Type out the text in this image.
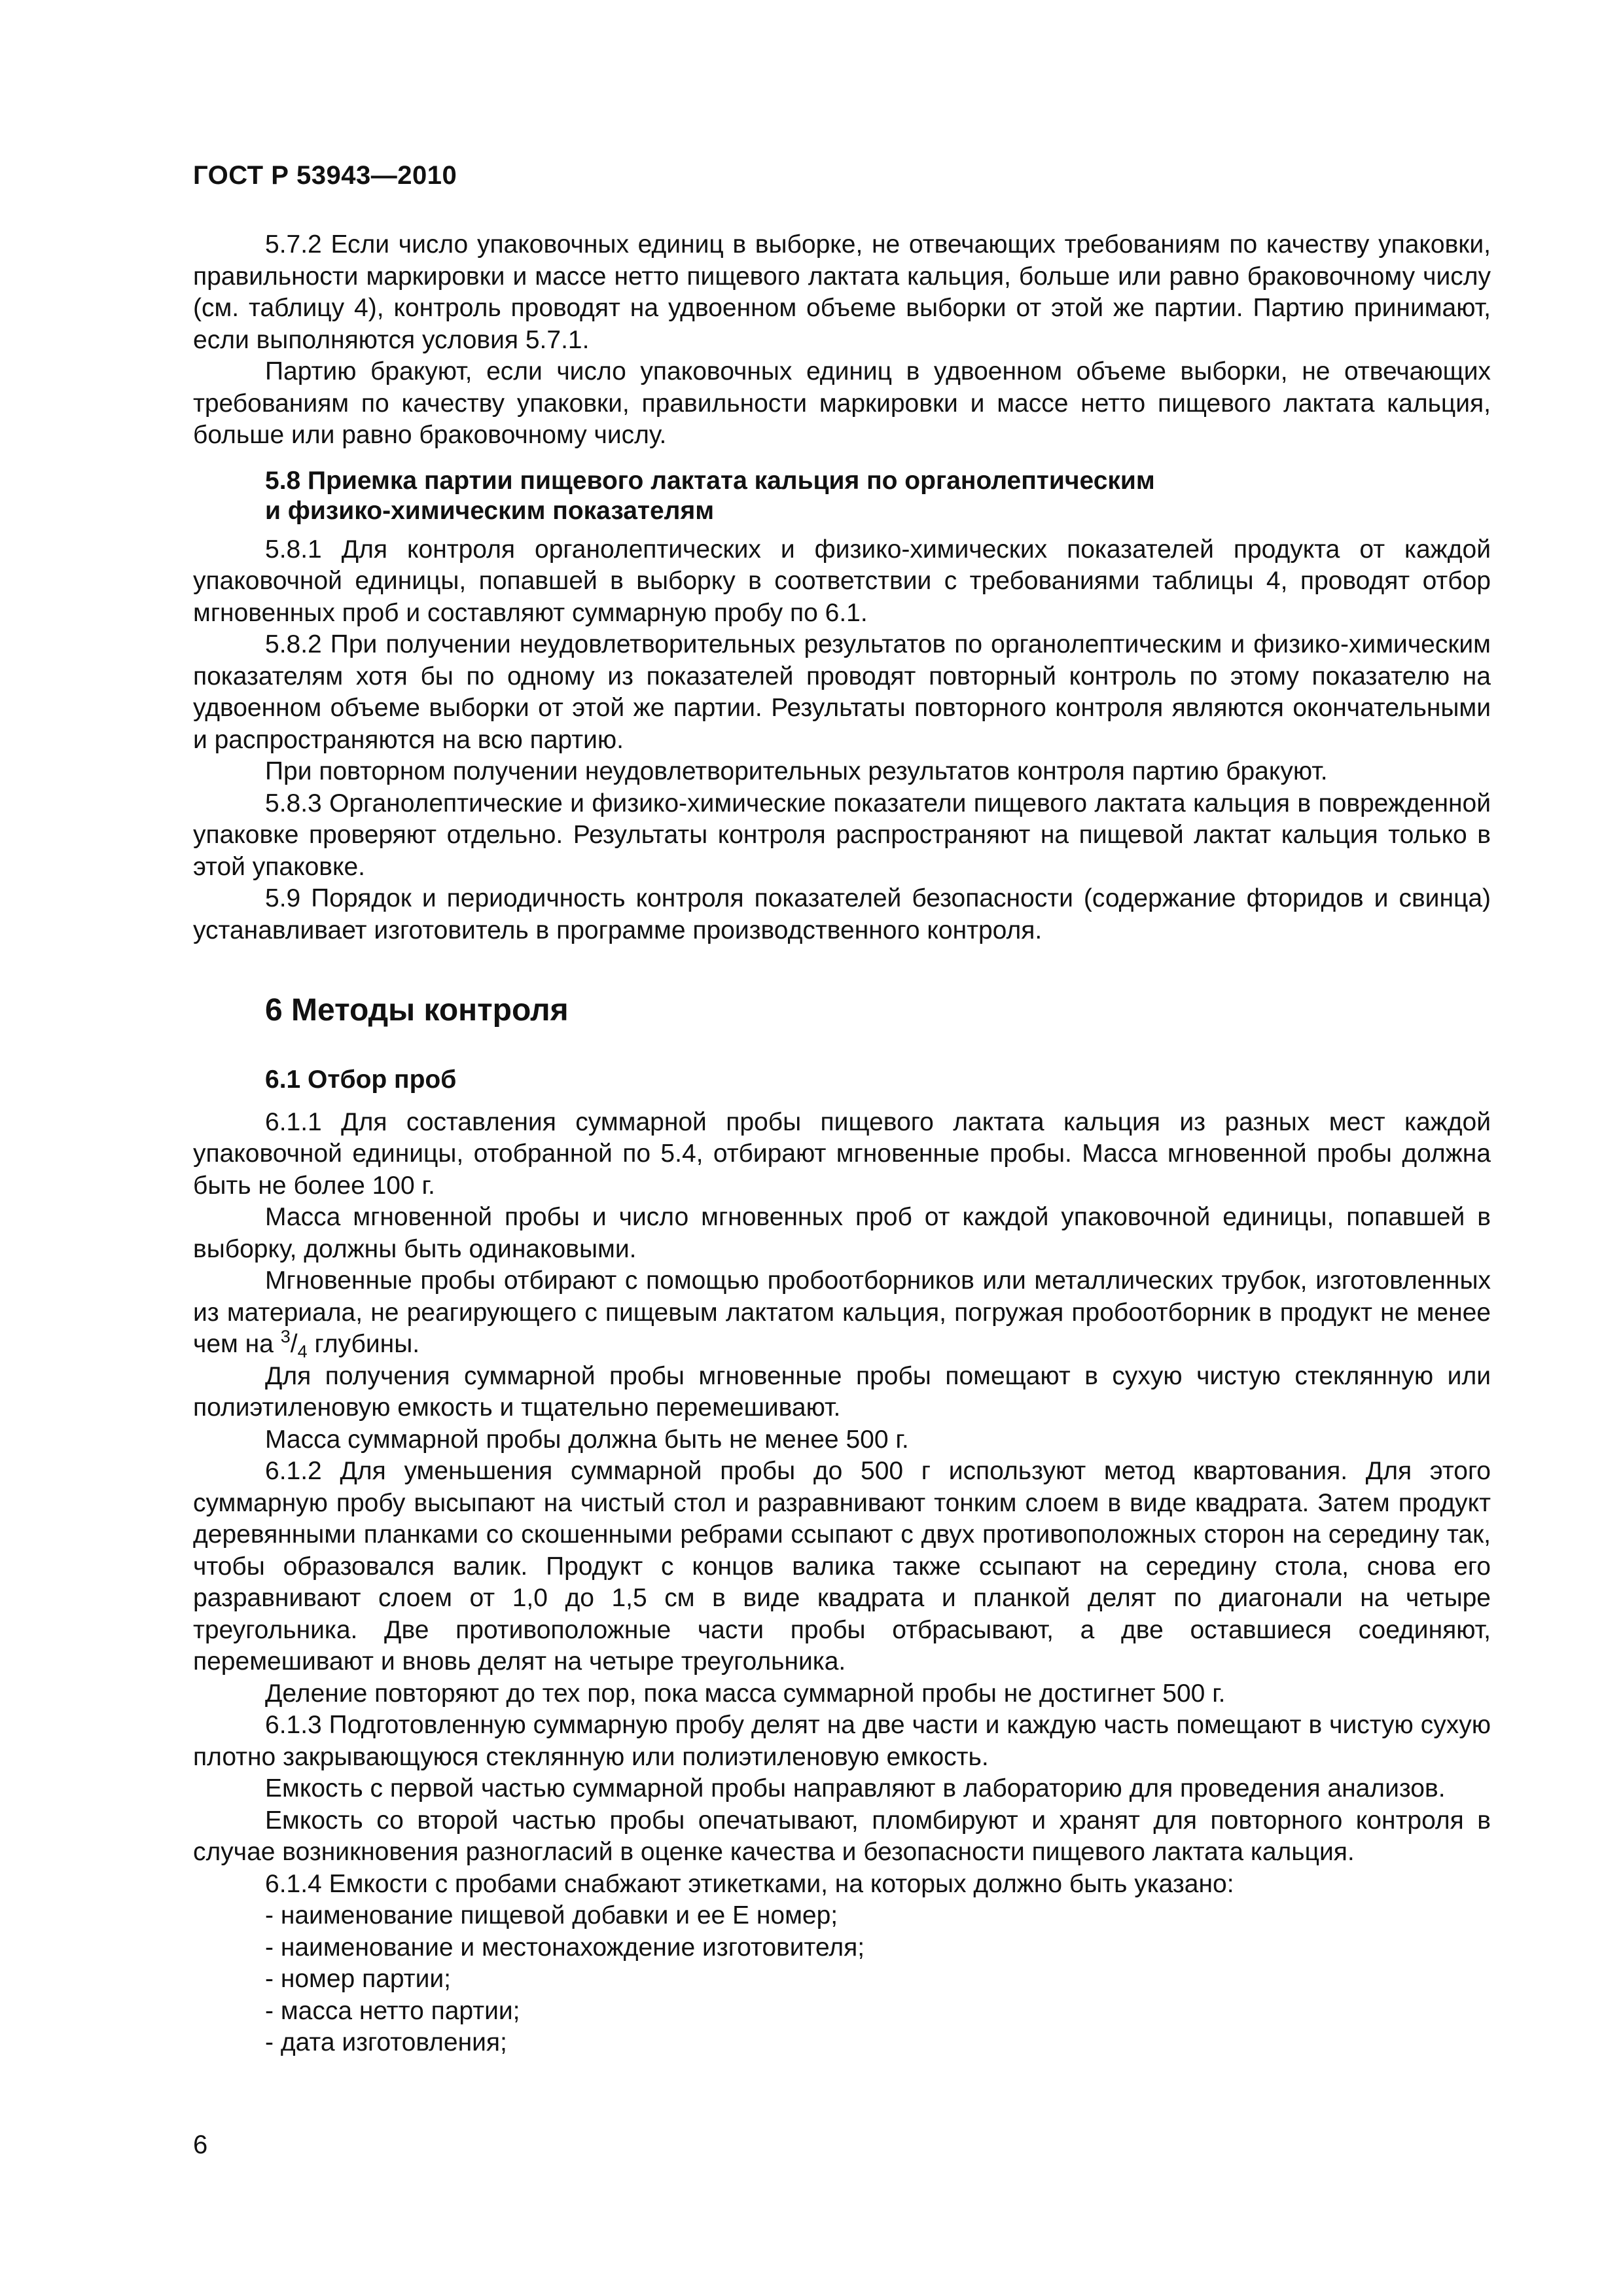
ГОСТ Р 53943—2010

5.7.2 Если число упаковочных единиц в выборке, не отвечающих требованиям по качеству упаковки, правильности маркировки и массе нетто пищевого лактата кальция, больше или равно браковочному числу (см. таблицу 4), контроль проводят на удвоенном объеме выборки от этой же партии. Партию принимают, если выполняются условия 5.7.1.

Партию бракуют, если число упаковочных единиц в удвоенном объеме выборки, не отвечающих требованиям по качеству упаковки, правильности маркировки и массе нетто пищевого лактата кальция, больше или равно браковочному числу.

5.8 Приемка партии пищевого лактата кальция по органолептическим
и физико-химическим показателям

5.8.1 Для контроля органолептических и физико-химических показателей продукта от каждой упаковочной единицы, попавшей в выборку в соответствии с требованиями таблицы 4, проводят отбор мгновенных проб и составляют суммарную пробу по 6.1.

5.8.2 При получении неудовлетворительных результатов по органолептическим и физико-химическим показателям хотя бы по одному из показателей проводят повторный контроль по этому показателю на удвоенном объеме выборки от этой же партии. Результаты повторного контроля являются окончательными и распространяются на всю партию.

При повторном получении неудовлетворительных результатов контроля партию бракуют.

5.8.3 Органолептические и физико-химические показатели пищевого лактата кальция в поврежденной упаковке проверяют отдельно. Результаты контроля распространяют на пищевой лактат кальция только в этой упаковке.

5.9 Порядок и периодичность контроля показателей безопасности (содержание фторидов и свинца) устанавливает изготовитель в программе производственного контроля.

6 Методы контроля
6.1 Отбор проб

6.1.1 Для составления суммарной пробы пищевого лактата кальция из разных мест каждой упаковочной единицы, отобранной по 5.4, отбирают мгновенные пробы. Масса мгновенной пробы должна быть не более 100 г.

Масса мгновенной пробы и число мгновенных проб от каждой упаковочной единицы, попавшей в выборку, должны быть одинаковыми.

Мгновенные пробы отбирают с помощью пробоотборников или металлических трубок, изготовленных из материала, не реагирующего с пищевым лактатом кальция, погружая пробоотборник в продукт не менее чем на $^3/_4$ глубины.

Для получения суммарной пробы мгновенные пробы помещают в сухую чистую стеклянную или полиэтиленовую емкость и тщательно перемешивают.

Масса суммарной пробы должна быть не менее 500 г.

6.1.2 Для уменьшения суммарной пробы до 500 г используют метод квартования. Для этого суммарную пробу высыпают на чистый стол и разравнивают тонким слоем в виде квадрата. Затем продукт деревянными планками со скошенными ребрами ссыпают с двух противоположных сторон на середину так, чтобы образовался валик. Продукт с концов валика также ссыпают на середину стола, снова его разравнивают слоем от 1,0 до 1,5 см в виде квадрата и планкой делят по диагонали на четыре треугольника. Две противоположные части пробы отбрасывают, а две оставшиеся соединяют, перемешивают и вновь делят на четыре треугольника.

Деление повторяют до тех пор, пока масса суммарной пробы не достигнет 500 г.

6.1.3 Подготовленную суммарную пробу делят на две части и каждую часть помещают в чистую сухую плотно закрывающуюся стеклянную или полиэтиленовую емкость.

Емкость с первой частью суммарной пробы направляют в лабораторию для проведения анализов.

Емкость со второй частью пробы опечатывают, пломбируют и хранят для повторного контроля в случае возникновения разногласий в оценке качества и безопасности пищевого лактата кальция.

6.1.4 Емкости с пробами снабжают этикетками, на которых должно быть указано:

- наименование пищевой добавки и ее Е номер;
- наименование и местонахождение изготовителя;
- номер партии;
- масса нетто партии;
- дата изготовления;
6
